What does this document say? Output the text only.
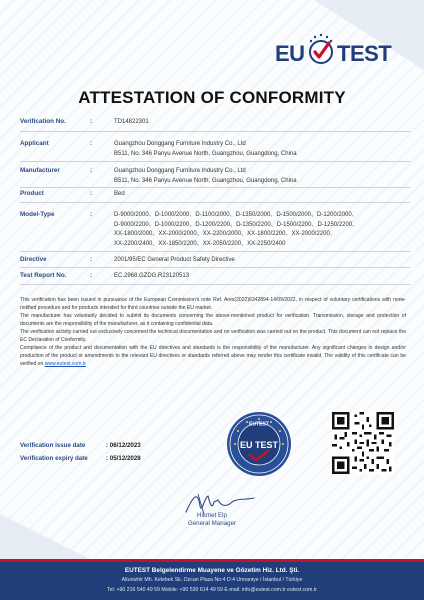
EU TEST
ATTESTATION OF CONFORMITY
Verification No.	:	TD14822301
Applicant	:	Guangzhou Donggang Furniture Industry Co., Ltd
B511, No. 346 Panyu Avenue North, Guangzhou, Guangdong, China
Manufacturer	:	Guangzhou Donggang Furniture Industry Co., Ltd
B511, No. 346 Panyu Avenue North, Guangzhou, Guangdong, China
Product	:	Bed
Model-Type	:	D-9000/2000、D-1000/2000、D-1100/2000、D-1350/2000、D-1500/2000、D-1200/2000、
D-9000/2200、D-1000/2200、D-1200/2200、D-1350/2200、D-1500/2200、D-1250/2200、
XX-1800/2000、XX-2000/2000、XX-2200/2000、XX-1800/2200、XX-2000/2200、
XX-2200/2400、XX-1850/2200、XX-2050/2200、XX-2250/2400
Directive	:	2001/95/EC General Product Safety Directive
Test Report No.	:	EC.2968.GZDG.R23120513

This verification has been issued in pursuance of the European Commission's note Ref. Ares(2022)6342894-14/09/2022, in respect of voluntary certifications with none-notified procedure and for products intended for third countries outside the EU market.

The manufacturer has voluntarily decided to submit its documents concerning the above-mentioned product for verification. Transmission, storage and protection of documents are the responsibility of the manufacturer, as it containing confidential data.

The verification activity carried out exclusively concerned the technical documentation and no verification was carried out on the product. This document can not replace the EC Declaration of Conformity.

Compliance of the product and documentation with the EU directives and standards is the responsibility of the manufacturer. Any significant changes in design and/or production of the product or amendments to the relevant EU directives or standards referred above may render this certificate invalid. The validity of this certificate can be verified on www.eutest.com.tr

Verification issue date	: 06/12/2023
Verification expiry date	: 05/12/2028
EUTEST
EU TEST
Hikmet Elp
General Manager
EUTEST Belgelendirme Muayene ve Gözetim Hiz. Ltd. Şti.
Altunizhir Mh. Kelebek Sk. Ozcan Plaza No:4 D:4 Umraniye / İstanbul / Türkiye
Tel: +90 216 540 49 59 Mobile: +90 530 614 49 59 E-mail: info@eutest.com.tr eutest.com.tr
